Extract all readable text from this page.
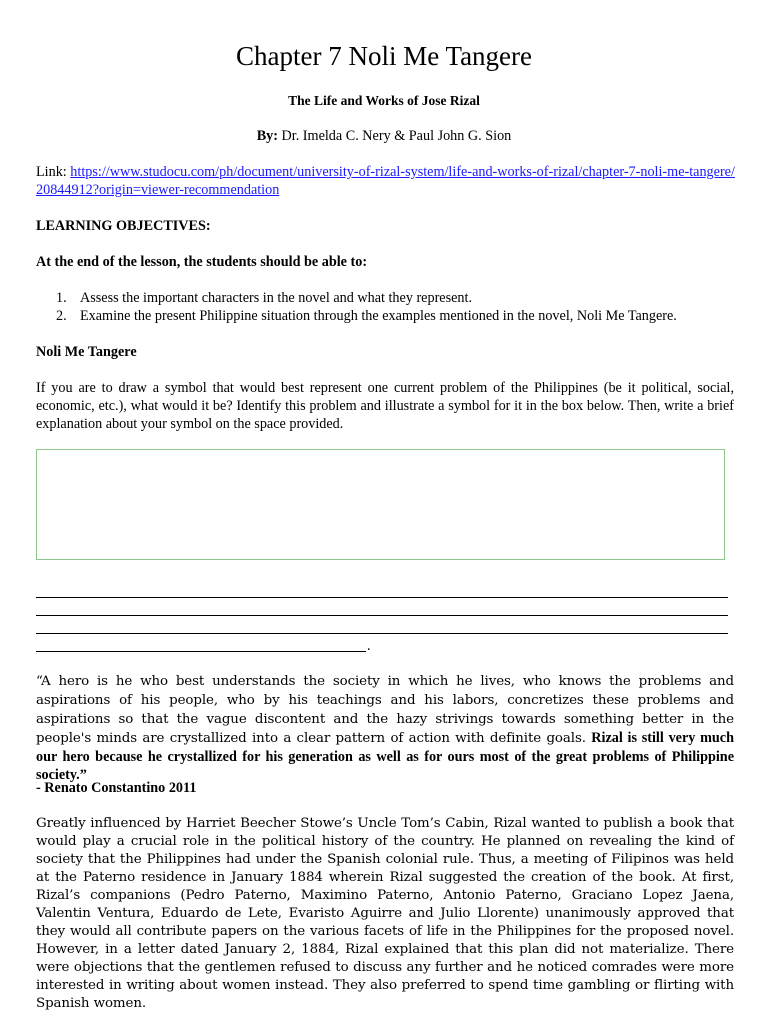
Chapter 7 Noli Me Tangere
The Life and Works of Jose Rizal
By: Dr. Imelda C. Nery & Paul John G. Sion
Link: https://www.studocu.com/ph/document/university-of-rizal-system/life-and-works-of-rizal/chapter-7-noli-me-tangere/20844912?origin=viewer-recommendation
LEARNING OBJECTIVES:
At the end of the lesson, the students should be able to:
1. Assess the important characters in the novel and what they represent.
2. Examine the present Philippine situation through the examples mentioned in the novel, Noli Me Tangere.
Noli Me Tangere
If you are to draw a symbol that would best represent one current problem of the Philippines (be it political, social, economic, etc.), what would it be? Identify this problem and illustrate a symbol for it in the box below. Then, write a brief explanation about your symbol on the space provided.
.
“A hero is he who best understands the society in which he lives, who knows the problems and aspirations of his people, who by his teachings and his labors, concretizes these problems and aspirations so that the vague discontent and the hazy strivings towards something better in the people's minds are crystallized into a clear pattern of action with definite goals. Rizal is still very much our hero because he crystallized for his generation as well as for ours most of the great problems of Philippine society.”
- Renato Constantino 2011
Greatly influenced by Harriet Beecher Stowe’s Uncle Tom’s Cabin, Rizal wanted to publish a book that would play a crucial role in the political history of the country. He planned on revealing the kind of society that the Philippines had under the Spanish colonial rule. Thus, a meeting of Filipinos was held at the Paterno residence in January 1884 wherein Rizal suggested the creation of the book. At first, Rizal’s companions (Pedro Paterno, Maximino Paterno, Antonio Paterno, Graciano Lopez Jaena, Valentin Ventura, Eduardo de Lete, Evaristo Aguirre and Julio Llorente) unanimously approved that they would all contribute papers on the various facets of life in the Philippines for the proposed novel. However, in a letter dated January 2, 1884, Rizal explained that this plan did not materialize. There were objections that the gentlemen refused to discuss any further and he noticed comrades were more interested in writing about women instead. They also preferred to spend time gambling or flirting with Spanish women.
